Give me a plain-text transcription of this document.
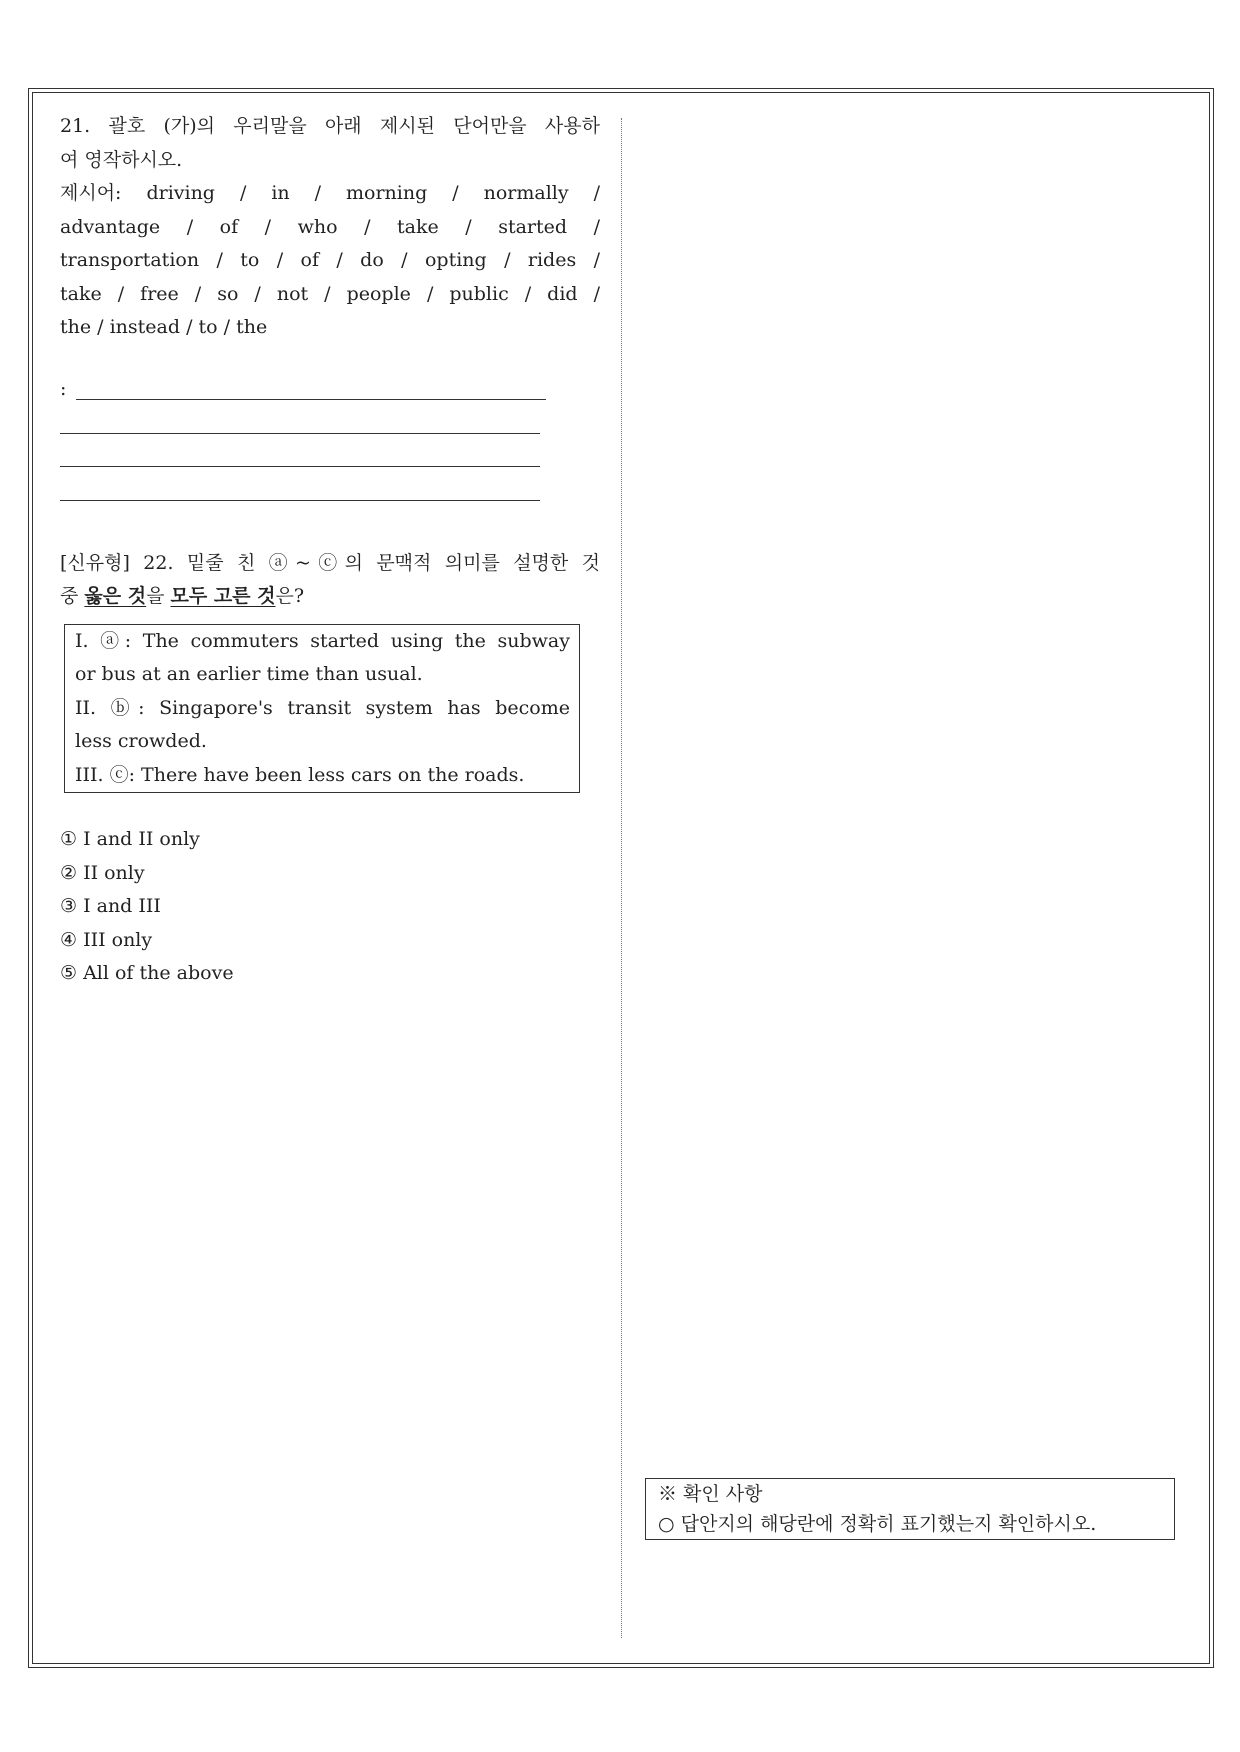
21. 괄호 (가)의 우리말을 아래 제시된 단어만을 사용하
여 영작하시오.
제시어: driving / in / morning / normally /
advantage / of / who / take / started /
transportation / to / of / do / opting / rides /
take / free / so / not / people / public / did /
the / instead / to / the
:
[신유형] 22. 밑줄 친 ⓐ~ⓒ의 문맥적 의미를 설명한 것
중 옳은 것을 모두 고른 것은?

I. ⓐ: The commuters started using the subway

or bus at an earlier time than usual.

II. ⓑ: Singapore's transit system has become

less crowded.

III. ⓒ: There have been less cars on the roads.

① I and II only

② II only

③ I and III

④ III only

⑤ All of the above

※ 확인 사항

○ 답안지의 해당란에 정확히 표기했는지 확인하시오.
